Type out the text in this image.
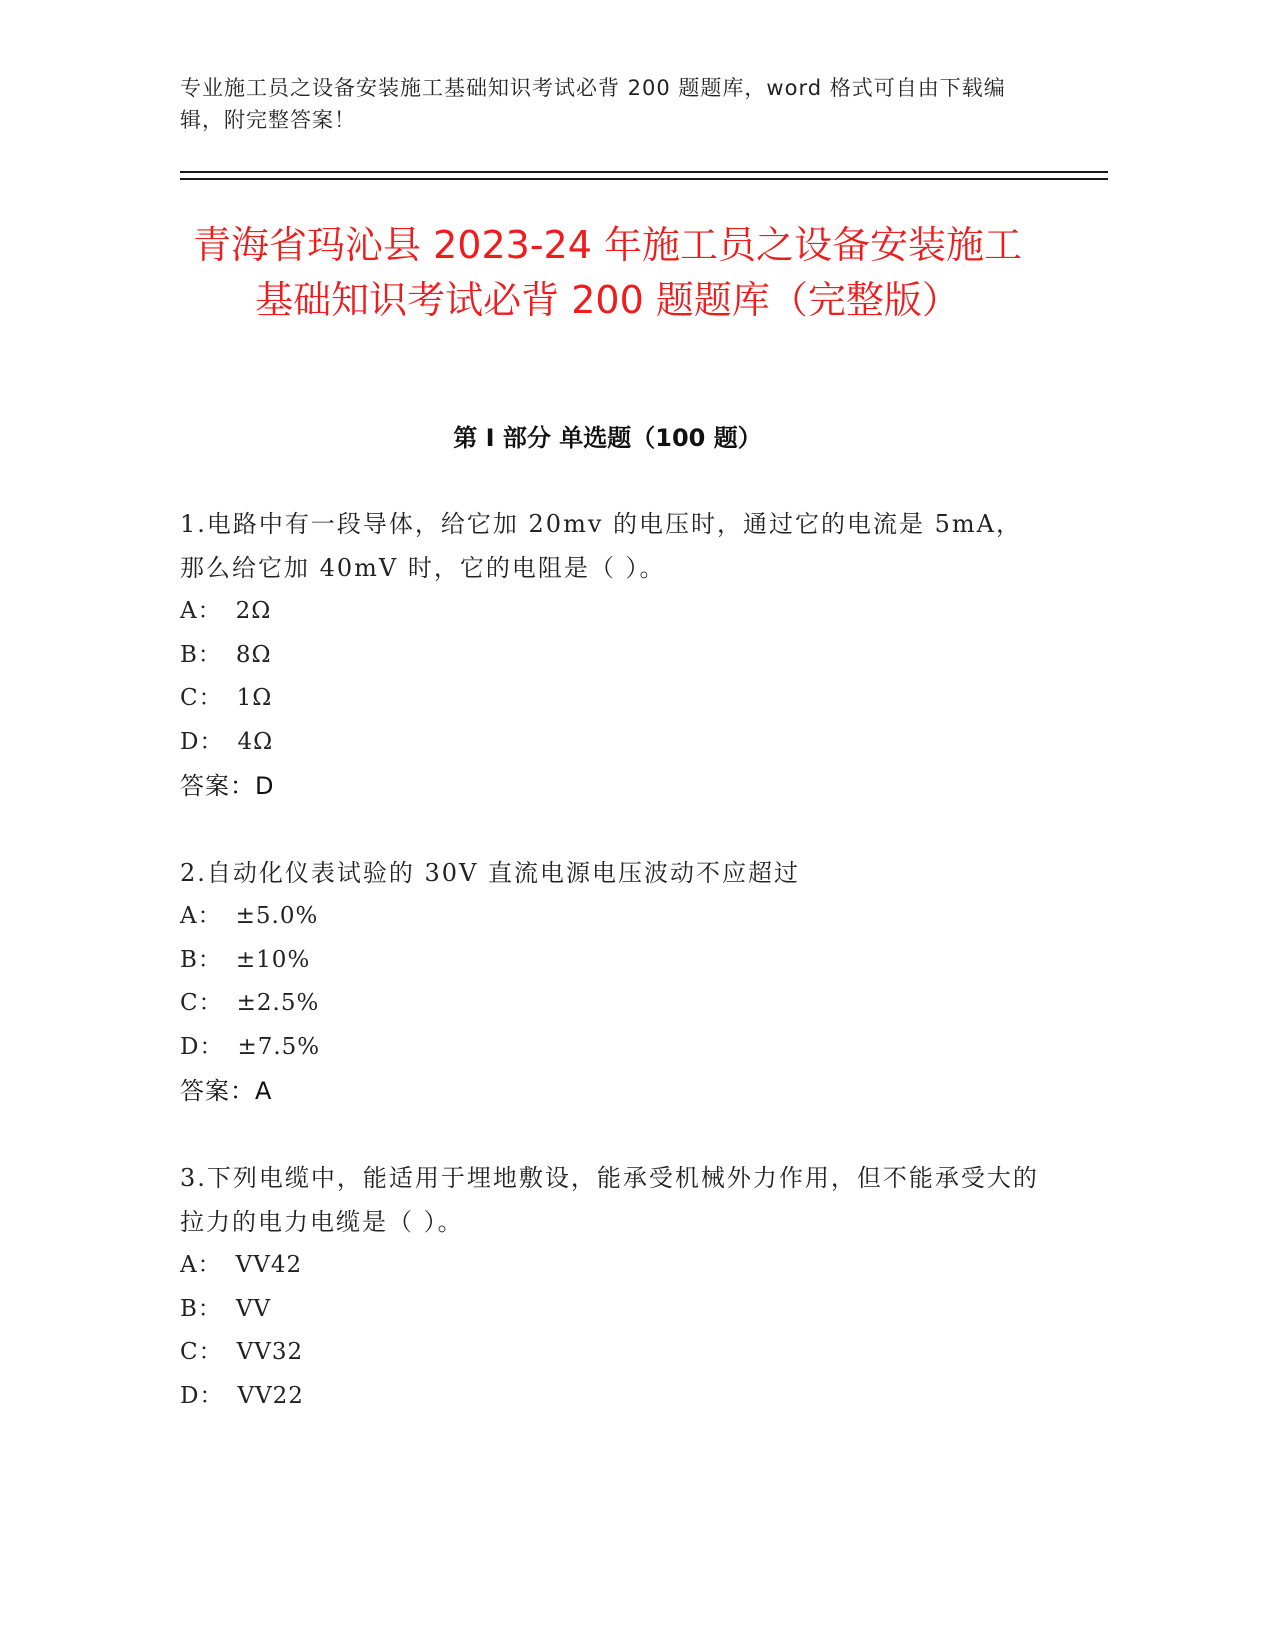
专业施工员之设备安装施工基础知识考试必背 200 题题库，word 格式可自由下载编辑，附完整答案！
青海省玛沁县 2023-24 年施工员之设备安装施工基础知识考试必背 200 题题库（完整版）
第 I 部分 单选题（100 题）
1.电路中有一段导体，给它加 20mv 的电压时，通过它的电流是 5mA，那么给它加 40mV 时，它的电阻是（ ）。
A： 2Ω
B： 8Ω
C： 1Ω
D： 4Ω
答案：D
2.自动化仪表试验的 30V 直流电源电压波动不应超过
A： ±5.0%
B： ±10%
C： ±2.5%
D： ±7.5%
答案：A
3.下列电缆中，能适用于埋地敷设，能承受机械外力作用，但不能承受大的拉力的电力电缆是（ ）。
A： VV42
B： VV
C： VV32
D： VV22
